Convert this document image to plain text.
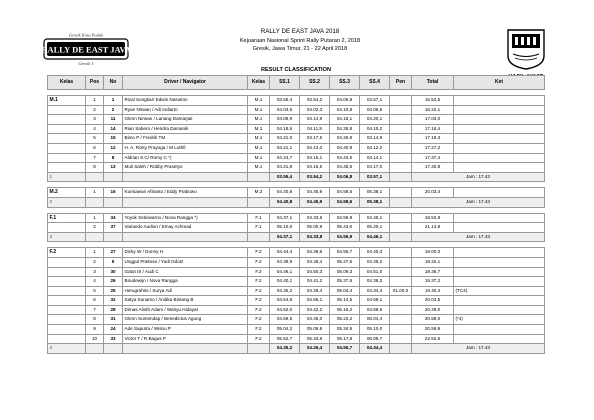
RALLY DE EAST JAVA
Gresik Kota Pudak
Gresik 1
RALLY DE EAST JAVA 2018
Kejuaraan Nasional Sprint Rally Putaran 2, 2018
Gresik, Jawa Timur, 21 - 22 April 2018
RESULT CLASSIFICATION
Kelas	Pos	No	Driver / Navigator	Kelas	SS.1	SS.2	SS.3	SS.4	Pen	Total	Ket

M.1	1	1	Rizal Sungkar/ Edwin Nasution	M.1	03.55,4	03.54,2	04.06,8	03.57,1		15.53,5	
	2	2	Ryan Nirwan / Adi Indiarto	M.1	04.03,5	04.02,3	04.10,8	04.05,5		16.22,1	
	3	11	Glenn Nirwan / Lanang Damarjati	M.1	04.09,9	04.14,9	04.18,1	04.20,1		17.03,0	
	4	14	Rian Sabero / Hendra Damanik	M.1	04.18,6	04.11,8	04.35,8	04.10,2		17.16,4	
	5	15	Bimo P / Fredrik TM	M.1	04.21,0	04.17,5	04.25,9	04.14,9		17.19,3	
	6	12	H. A. Rizky Prayoga / M Luthfi	M.1	04.21,1	04.13,0	04.40,9	04.12,2		17.27,2	
	7	8	Aldrian S.C/ Romy C *)	M.1	04.24,7	04.15,1	04.43,5	04.14,1		17.37,4	
	8	13	Muli Saleh / Robby Prasetyo	M.1	04.21,8	04.16,5	04.45,5	04.17,0		17.40,8	
1					03.55,4	03.54,2	04.06,8	03.57,1		Jam : 17.43	

M.2	1	16	Kurniawan Afrianto / Eddy Prabowo	M.2	04.40,8	04.45,9	04.58,6	05.38,1		20.03,4	
2					04.40,8	04.45,9	04.58,6	05.38,1		Jam : 17.43	

F.1	1	34	Yoyok Setiowarno / Nova Rangga *)	F.1	04.37,1	04.33,8	04.56,9	04.46,1		18.53,9	
	2	37	Variando Audion / Emay Achmad	F.1	05.10,0	05.00,8	05.43,0	05.20,1		21.13,9	
3					04.37,1	04.33,8	04.56,9	04.46,1		Jam : 17.43	

F.2	1	27	Dicky W / Donny H	F.2	04.44,4	04.39,6	04.55,7	04.40,3		19.00,0	
	2	5	Unggul Prakoso / Yadi Odotz	F.2	04.39,9	04.48,4	05.27,6	04.36,2		19.32,1	
	3	30	Gatot IS / Audi C	F.2	04.46,1	04.50,3	05.09,3	04.51,0		19.36,7	
	4	26	Boudewijn / Nova Rangga	F.2	04.40,1	04.41,2	05.37,6	04.38,3		19.37,2	
	5	25	Herugrahito / Surya Adi	F.2	04.35,2	04.26,4	05.04,4	04.34,4	01.00,0	19.40,4	(TC4)
	6	32	Satya Sunarso / Andika Bintang B	F.2	04.54,8	04.55,1	05.14,5	04.59,1		20.03,5	
	7	28	Dimas Alioth Adam / Wahyu Hidayat	F.2	04.52,0	04.42,2	06.16,2	04.58,6		20.49,0	
	8	31	Glenn Sumendap / Benedictus Agung	F.2	04.59,5	04.45,0	05.23,2	06.04,4		20.58,0	(*4)
	9	24	Ade Saputra / Wisnu P	F.2	05.04,2	05.09,8	05.34,9	05.10,0		20.59,9	
	10	33	Victor T / R Bagus P	F.2	05.52,7	05.33,8	05.17,8	06.08,7		22.52,5	
4					04.35,2	04.26,4	04.55,7	04.34,4		Jam : 17.43	
